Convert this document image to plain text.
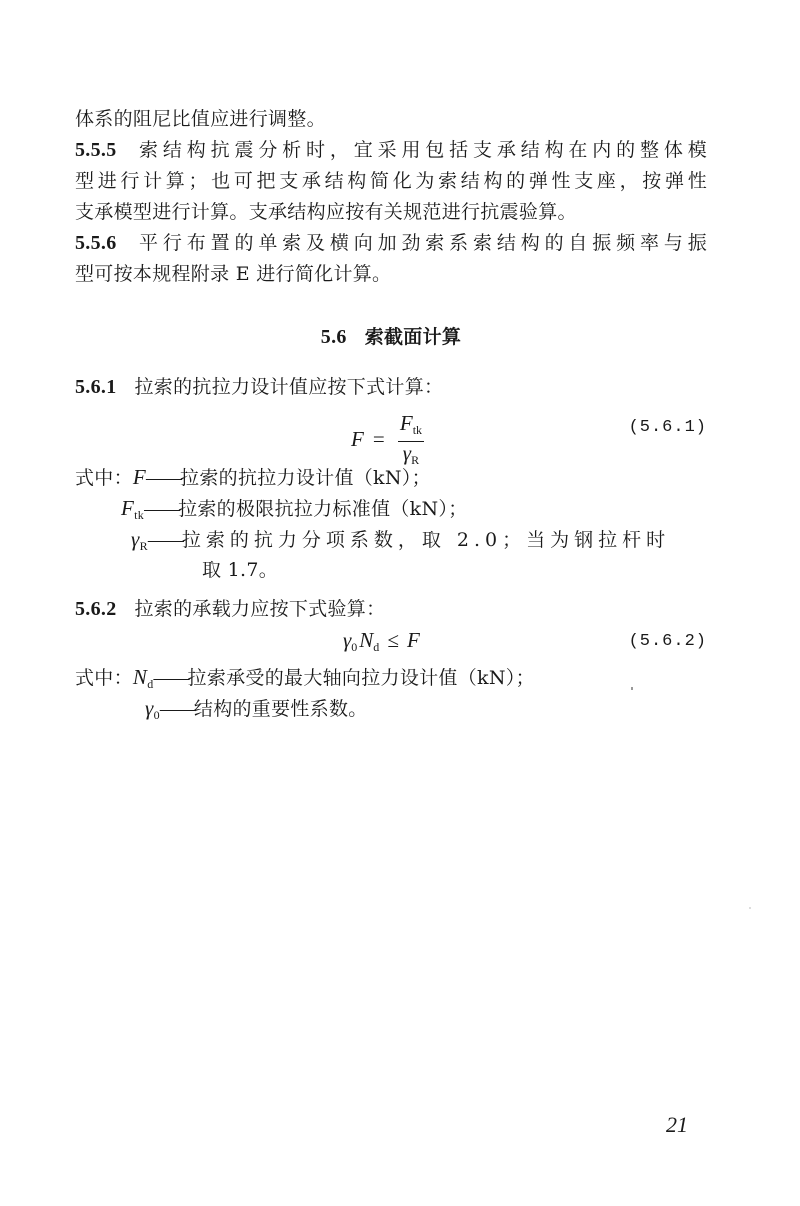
体系的阻尼比值应进行调整。
5.5.5 索结构抗震分析时，宜采用包括支承结构在内的整体模
型进行计算；也可把支承结构简化为索结构的弹性支座，按弹性
支承模型进行计算。支承结构应按有关规范进行抗震验算。
5.5.6 平行布置的单索及横向加劲索系索结构的自振频率与振
型可按本规程附录 E 进行简化计算。
5.6 索截面计算
5.6.1 拉索的抗拉力设计值应按下式计算：
$F = \frac{F_{tk}}{\gamma_R}$	(5.6.1)
式中：F——拉索的抗拉力设计值（kN）；
$F_{tk}——$拉索的极限抗拉力标准值（kN）；
$\gamma_R——$拉索的抗力分项系数，取 2.0；当为钢拉杆时
取 1.7。
5.6.2 拉索的承载力应按下式验算：
$\gamma_0N_d \le F$	(5.6.2)
式中：$N_d——$拉索承受的最大轴向拉力设计值（kN）；
$\gamma_0——$结构的重要性系数。
21
